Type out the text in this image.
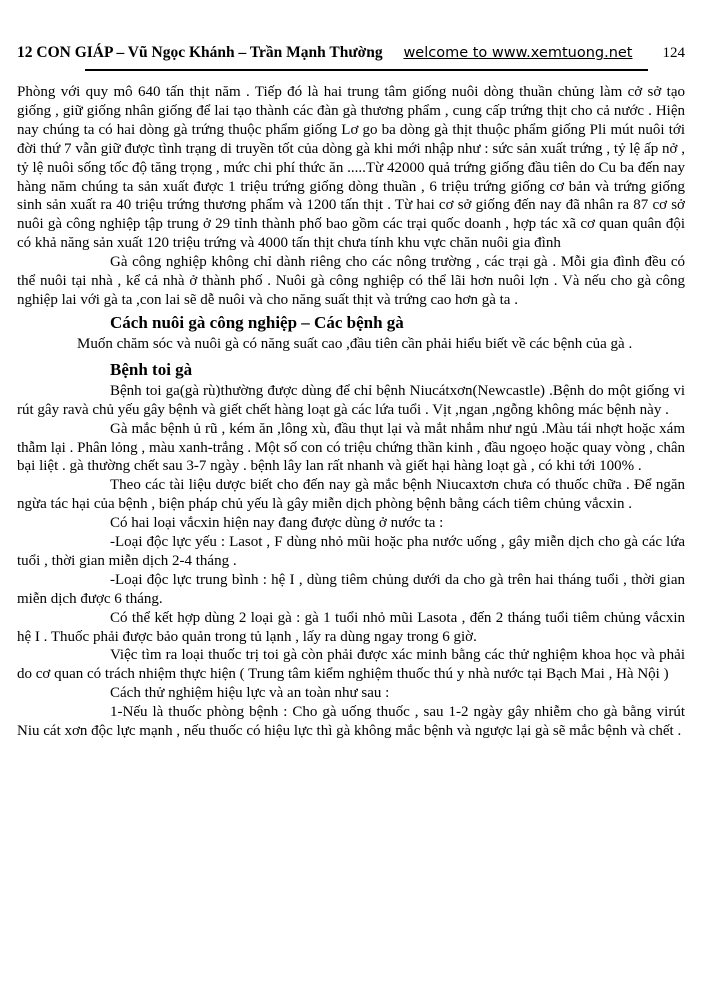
12 CON GIÁP – Vũ Ngọc Khánh – Trần Mạnh Thường welcome to www.xemtuong.net 124

Phòng với quy mô 640 tấn thịt năm . Tiếp đó là hai trung tâm giống nuôi dòng thuần chủng làm cở sở tạo giống , giữ giống nhân giống để lai tạo thành các đàn gà thương phẩm , cung cấp trứng thịt cho cả nước . Hiện nay chúng ta có hai dòng gà trứng thuộc phẩm giống Lơ go ba dòng gà thịt thuộc phẩm giống Pli mút nuôi tới đời thứ 7 vẫn giữ được tình trạng di truyền tốt của dòng gà khi mới nhập như : sức sản xuất trứng , tỷ lệ ấp nở , tỷ lệ nuôi sống tốc độ tăng trọng , mức chi phí thức ăn .....Từ 42000 quả trứng giống đầu tiên do Cu ba đến nay hàng năm chúng ta sản xuất được 1 triệu trứng giống dòng thuần , 6 triệu trứng giống cơ bản và trứng giống sinh sản xuất ra 40 triệu trứng thương phẩm và 1200 tấn thịt . Từ hai cơ sở giống đến nay đã nhân ra 87 cơ sở nuôi gà công nghiệp tập trung ở 29 tỉnh thành phố bao gồm các trại quốc doanh , hợp tác xã cơ quan quân đội có khả năng sản xuất 120 triệu trứng và 4000 tấn thịt chưa tính khu vực chăn nuôi gia đình

Gà công nghiệp không chỉ dành riêng cho các nông trường , các trại gà . Mỗi gia đình đều có thể nuôi tại nhà , kể cả nhà ở thành phố . Nuôi gà công nghiệp có thể lãi hơn nuôi lợn . Và nếu cho gà công nghiệp lai với gà ta ,con lai sẽ dễ nuôi và cho năng suất thịt và trứng cao hơn gà ta .

Cách nuôi gà công nghiệp – Các bệnh gà

Muốn chăm sóc và nuôi gà có năng suất cao ,đầu tiên cần phải hiểu biết về các bệnh của gà .

Bệnh toi gà

Bệnh toi ga(gà rù)thường được dùng để chỉ bệnh Niucátxơn(Newcastle) .Bệnh do một giống vi rút gây ravà chủ yếu gây bệnh và giết chết hàng loạt gà các lứa tuổi . Vịt ,ngan ,ngỗng không mác bệnh này .

Gà mắc bệnh ủ rũ , kém ăn ,lông xù, đầu thụt lại và mắt nhắm như ngủ .Màu tái nhợt hoặc xám thẫm lại . Phân lỏng , màu xanh-trắng . Một số con có triệu chứng thần kinh , đầu ngoẹo hoặc quay vòng , chân bại liệt . gà thường chết sau 3-7 ngày . bệnh lây lan rất nhanh và giết hại hàng loạt gà , có khi tới 100% .

Theo các tài liệu dược biết cho đến nay gà mắc bệnh Niucaxtơn chưa có thuốc chữa . Để ngăn ngừa tác hại của bệnh , biện pháp chủ yếu là gây miễn dịch phòng bệnh bằng cách tiêm chủng vắcxin .

Có hai loại vắcxin hiện nay đang được dùng ở nước ta :

-Loại độc lực yếu : Lasot , F dùng nhỏ mũi hoặc pha nước uống , gây miễn dịch cho gà các lứa tuổi , thời gian miễn dịch 2-4 tháng .

-Loại độc lực trung bình : hệ I , dùng tiêm chủng dưới da cho gà trên hai tháng tuổi , thời gian miễn dịch được 6 tháng.

Có thể kết hợp dùng 2 loại gà : gà 1 tuổi nhỏ mũi Lasota , đến 2 tháng tuổi tiêm chủng vắcxin hệ I . Thuốc phải được bảo quản trong tủ lạnh , lấy ra dùng ngay trong 6 giờ.

Việc tìm ra loại thuốc trị toi gà còn phải được xác minh bằng các thử nghiệm khoa học và phải do cơ quan có trách nhiệm thực hiện ( Trung tâm kiểm nghiệm thuốc thú y nhà nước tại Bạch Mai , Hà Nội )

Cách thử nghiệm hiệu lực và an toàn như sau :

1-Nếu là thuốc phòng bệnh : Cho gà uống thuốc , sau 1-2 ngày gây nhiễm cho gà bằng virút Niu cát xơn độc lực mạnh , nếu thuốc có hiệu lực thì gà không mắc bệnh và ngược lại gà sẽ mắc bệnh và chết .
